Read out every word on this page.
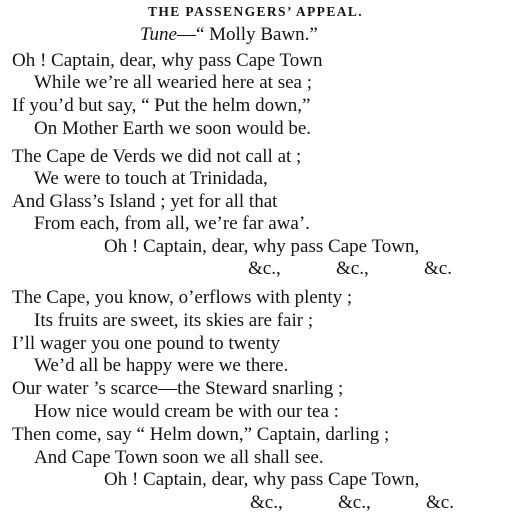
THE PASSENGERS’ APPEAL.
Tune—“ Molly Bawn.”
Oh ! Captain, dear, why pass Cape Town
While we’re all wearied here at sea ;
If you’d but say, “ Put the helm down,”
On Mother Earth we soon would be.
The Cape de Verds we did not call at ;
We were to touch at Trinidada,
And Glass’s Island ; yet for all that
From each, from all, we’re far awa’.
Oh ! Captain, dear, why pass Cape Town,
&c.,	&c.,	&c.
The Cape, you know, o’erflows with plenty ;
Its fruits are sweet, its skies are fair ;
I’ll wager you one pound to twenty
We’d all be happy were we there.
Our water ’s scarce—the Steward snarling ;
How nice would cream be with our tea :
Then come, say “ Helm down,” Captain, darling ;
And Cape Town soon we all shall see.
Oh ! Captain, dear, why pass Cape Town,
&c.,	&c.,	&c.
